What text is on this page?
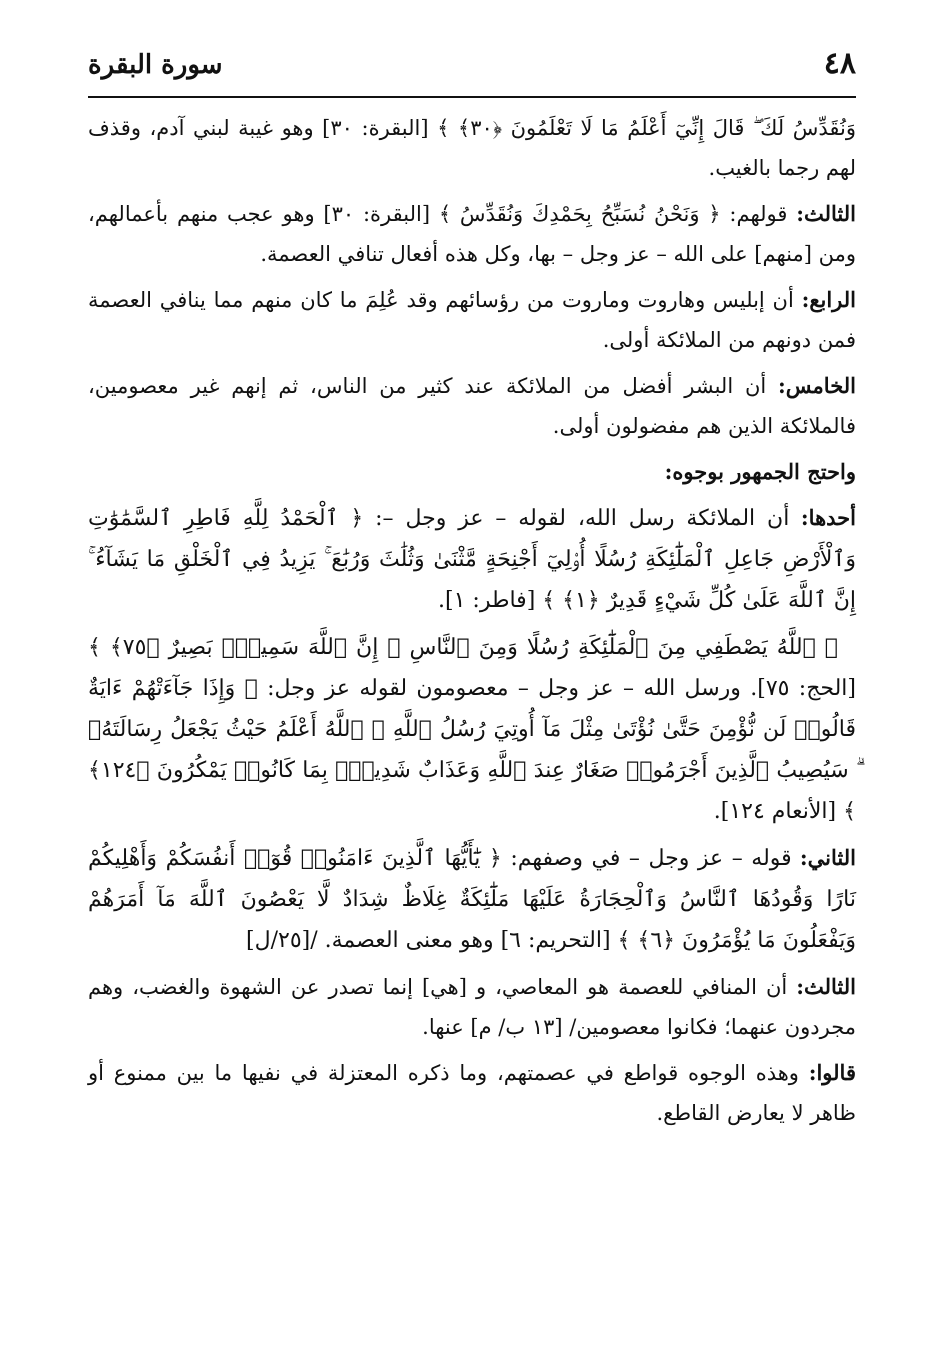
٤٨
سورة البقرة

وَنُقَدِّسُ لَكَ ۖ قَالَ إِنِّيٓ أَعْلَمُ مَا لَا تَعْلَمُونَ ﴿٣٠﴾ ﴾ [البقرة: ٣٠] وهو غيبة لبني آدم، وقذف لهم رجما بالغيب.

الثالث: قولهم: ﴿ وَنَحْنُ نُسَبِّحُ بِحَمْدِكَ وَنُقَدِّسُ ﴾ [البقرة: ٣٠] وهو عجب منهم بأعمالهم، ومن [منهم] على الله – عز وجل – بها، وكل هذه أفعال تنافي العصمة.

الرابع: أن إبليس وهاروت وماروت من رؤسائهم وقد عُلِمَ ما كان منهم مما ينافي العصمة فمن دونهم من الملائكة أولى.

الخامس: أن البشر أفضل من الملائكة عند كثير من الناس، ثم إنهم غير معصومين، فالملائكة الذين هم مفضولون أولى.

واحتج الجمهور بوجوه:

أحدها: أن الملائكة رسل الله، لقوله – عز وجل –: ﴿ ٱلْحَمْدُ لِلَّهِ فَاطِرِ ٱلسَّمَٰوَٰتِ وَٱلْأَرْضِ جَاعِلِ ٱلْمَلَٰٓئِكَةِ رُسُلًا أُو۟لِيٓ أَجْنِحَةٍ مَّثْنَىٰ وَثُلَٰثَ وَرُبَٰعَ ۚ يَزِيدُ فِي ٱلْخَلْقِ مَا يَشَآءُ ۚ إِنَّ ٱللَّهَ عَلَىٰ كُلِّ شَيْءٍ قَدِيرٌ ﴿١﴾ ﴾ [فاطر: ١].

﴿ ٱللَّهُ يَصْطَفِي مِنَ ٱلْمَلَٰٓئِكَةِ رُسُلًا وَمِنَ ٱلنَّاسِ ۚ إِنَّ ٱللَّهَ سَمِيعٌۢ بَصِيرٌ ﴿٧٥﴾ ﴾ [الحج: ٧٥]. ورسل الله – عز وجل – معصومون لقوله عز وجل: ﴿ وَإِذَا جَآءَتْهُمْ ءَايَةٌ قَالُوا۟ لَن نُّؤْمِنَ حَتَّىٰ نُؤْتَىٰ مِثْلَ مَآ أُوتِيَ رُسُلُ ٱللَّهِ ۘ ٱللَّهُ أَعْلَمُ حَيْثُ يَجْعَلُ رِسَالَتَهُۥ ۗ سَيُصِيبُ ٱلَّذِينَ أَجْرَمُوا۟ صَغَارٌ عِندَ ٱللَّهِ وَعَذَابٌ شَدِيدٌۢ بِمَا كَانُوا۟ يَمْكُرُونَ ﴿١٢٤﴾ ﴾ [الأنعام ١٢٤].

الثاني: قوله – عز وجل – في وصفهم: ﴿ يَٰٓأَيُّهَا ٱلَّذِينَ ءَامَنُوا۟ قُوٓا۟ أَنفُسَكُمْ وَأَهْلِيكُمْ نَارًا وَقُودُهَا ٱلنَّاسُ وَٱلْحِجَارَةُ عَلَيْهَا مَلَٰٓئِكَةٌ غِلَاظٌ شِدَادٌ لَّا يَعْصُونَ ٱللَّهَ مَآ أَمَرَهُمْ وَيَفْعَلُونَ مَا يُؤْمَرُونَ ﴿٦﴾ ﴾ [التحريم: ٦] وهو معنى العصمة. /[٢٥/ل]

الثالث: أن المنافي للعصمة هو المعاصي، و [هي] إنما تصدر عن الشهوة والغضب، وهم مجردون عنهما؛ فكانوا معصومين/ [١٣ ب/ م] عنها.

قالوا: وهذه الوجوه قواطع في عصمتهم، وما ذكره المعتزلة في نفيها ما بين ممنوع أو ظاهر لا يعارض القاطع.
